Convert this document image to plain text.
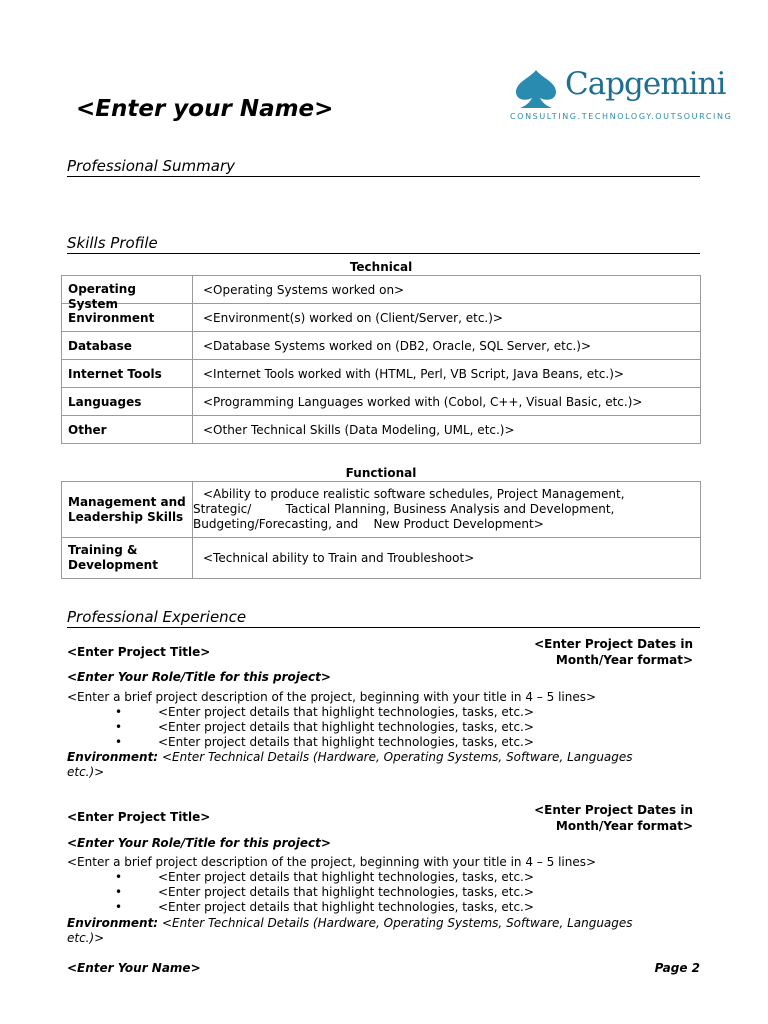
<Enter your Name>
Capgemini
CONSULTING.TECHNOLOGY.OUTSOURCING
Professional Summary
Skills Profile
Technical
Operating System	<Operating Systems worked on>
Environment	<Environment(s) worked on (Client/Server, etc.)>
Database	<Database Systems worked on (DB2, Oracle, SQL Server, etc.)>
Internet Tools	<Internet Tools worked with (HTML, Perl, VB Script, Java Beans, etc.)>
Languages	<Programming Languages worked with (Cobol, C++, Visual Basic, etc.)>
Other	<Other Technical Skills (Data Modeling, UML, etc.)>
Functional
Management and Leadership Skills	<Ability to produce realistic software schedules, Project Management,
Strategic/         Tactical Planning, Business Analysis and Development,
Budgeting/Forecasting, and    New Product Development>

Training & Development	<Technical ability to Train and Troubleshoot>
Professional Experience
<Enter Project Title>
<Enter Project Dates in
Month/Year format>
<Enter Your Role/Title for this project>
<Enter a brief project description of the project, beginning with your title in 4 – 5 lines>
•	<Enter project details that highlight technologies, tasks, etc.>
•	<Enter project details that highlight technologies, tasks, etc.>
•	<Enter project details that highlight technologies, tasks, etc.>
Environment: <Enter Technical Details (Hardware, Operating Systems, Software, Languages
etc.)>
<Enter Project Title>	<Enter Project Dates in
Month/Year format>
<Enter Your Role/Title for this project>
<Enter a brief project description of the project, beginning with your title in 4 – 5 lines>
•	<Enter project details that highlight technologies, tasks, etc.>
•	<Enter project details that highlight technologies, tasks, etc.>
•	<Enter project details that highlight technologies, tasks, etc.>
Environment: <Enter Technical Details (Hardware, Operating Systems, Software, Languages
etc.)>
<Enter Your Name>	Page 2
